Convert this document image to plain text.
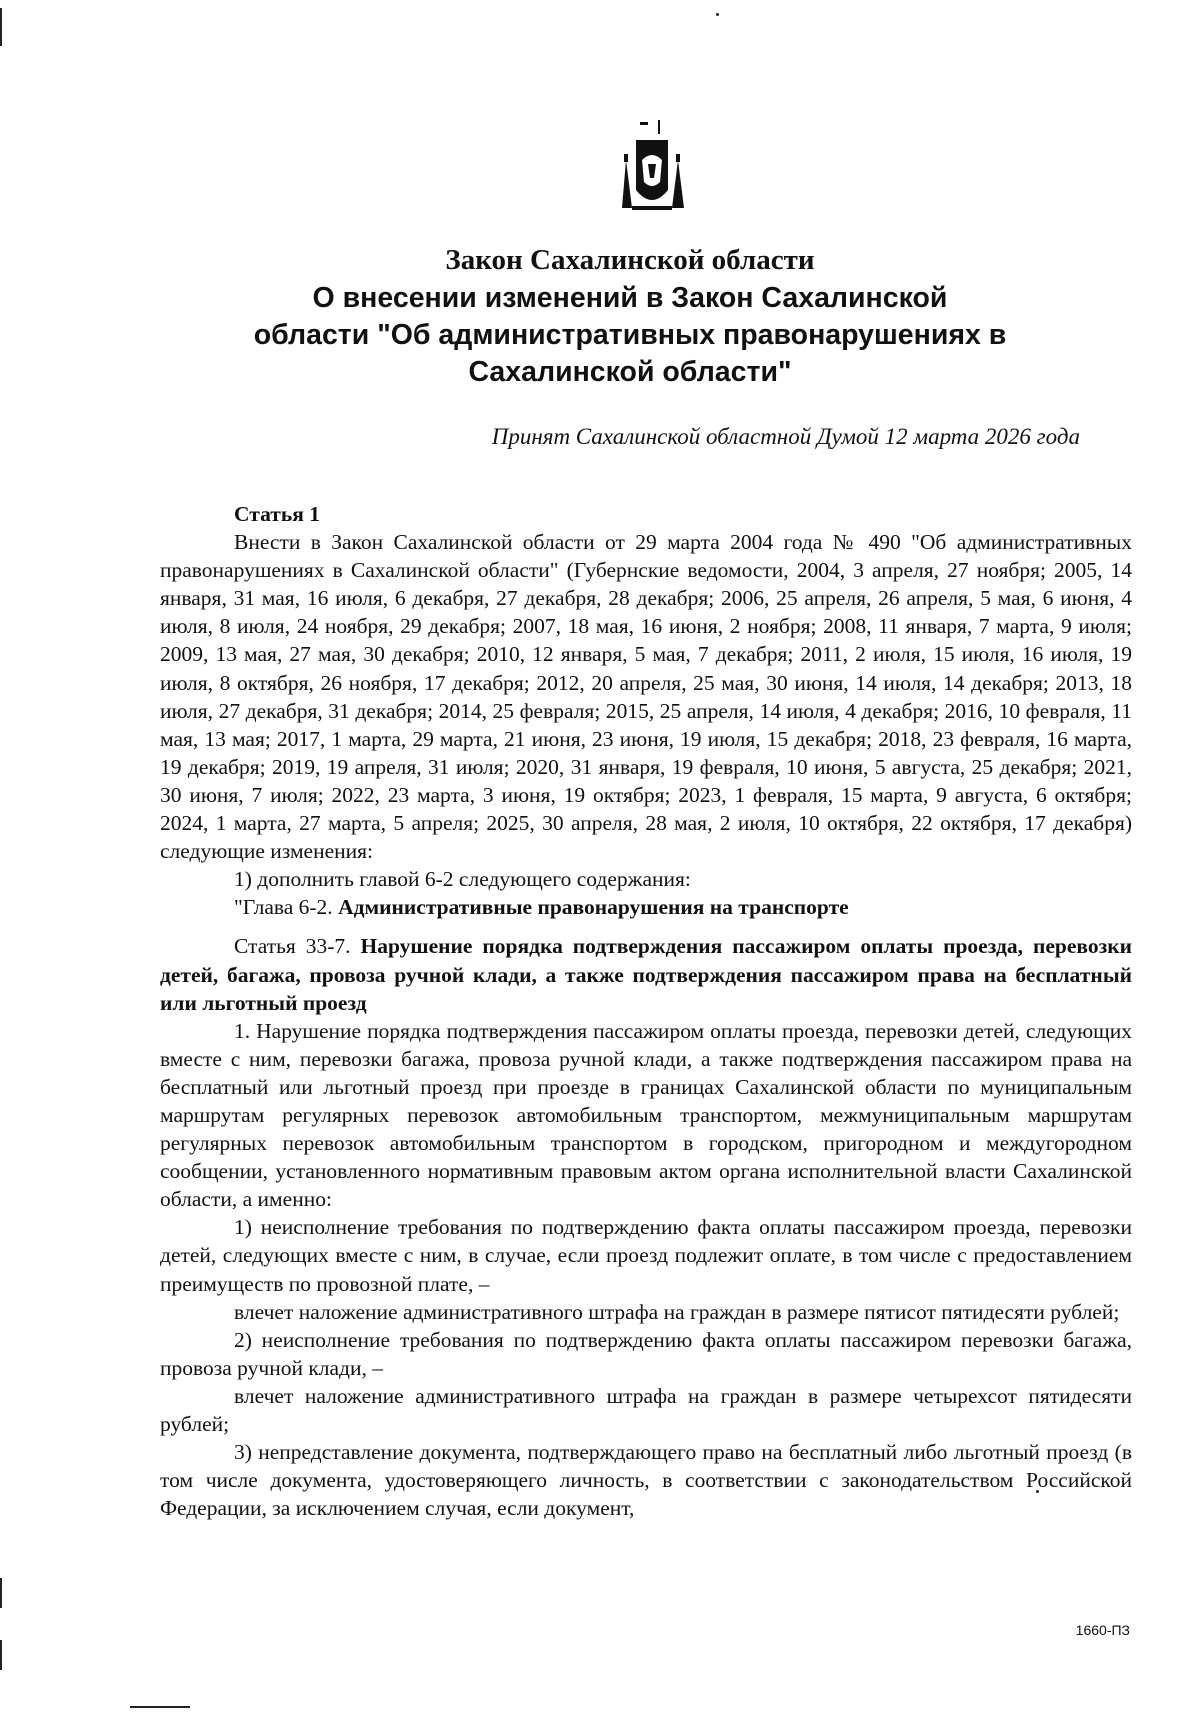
Закон Сахалинской области

О внесении изменений в Закон Сахалинской

области "Об административных правонарушениях в

Сахалинской области"

Принят Сахалинской областной Думой 12 марта 2026 года

Статья 1

Внести в Закон Сахалинской области от 29 марта 2004 года № 490 "Об административных правонарушениях в Сахалинской области" (Губернские ведомости, 2004, 3 апреля, 27 ноября; 2005, 14 января, 31 мая, 16 июля, 6 декабря, 27 декабря, 28 декабря; 2006, 25 апреля, 26 апреля, 5 мая, 6 июня, 4 июля, 8 июля, 24 ноября, 29 декабря; 2007, 18 мая, 16 июня, 2 ноября; 2008, 11 января, 7 марта, 9 июля; 2009, 13 мая, 27 мая, 30 декабря; 2010, 12 января, 5 мая, 7 декабря; 2011, 2 июля, 15 июля, 16 июля, 19 июля, 8 октября, 26 ноября, 17 декабря; 2012, 20 апреля, 25 мая, 30 июня, 14 июля, 14 декабря; 2013, 18 июля, 27 декабря, 31 декабря; 2014, 25 февраля; 2015, 25 апреля, 14 июля, 4 декабря; 2016, 10 февраля, 11 мая, 13 мая; 2017, 1 марта, 29 марта, 21 июня, 23 июня, 19 июля, 15 декабря; 2018, 23 февраля, 16 марта, 19 декабря; 2019, 19 апреля, 31 июля; 2020, 31 января, 19 февраля, 10 июня, 5 августа, 25 декабря; 2021, 30 июня, 7 июля; 2022, 23 марта, 3 июня, 19 октября; 2023, 1 февраля, 15 марта, 9 августа, 6 октября; 2024, 1 марта, 27 марта, 5 апреля; 2025, 30 апреля, 28 мая, 2 июля, 10 октября, 22 октября, 17 декабря) следующие изменения:

1) дополнить главой 6-2 следующего содержания:

"Глава 6-2. Административные правонарушения на транспорте

Статья 33-7. Нарушение порядка подтверждения пассажиром оплаты проезда, перевозки детей, багажа, провоза ручной клади, а также подтверждения пассажиром права на бесплатный или льготный проезд

1. Нарушение порядка подтверждения пассажиром оплаты проезда, перевозки детей, следующих вместе с ним, перевозки багажа, провоза ручной клади, а также подтверждения пассажиром права на бесплатный или льготный проезд при проезде в границах Сахалинской области по муниципальным маршрутам регулярных перевозок автомобильным транспортом, межмуниципальным маршрутам регулярных перевозок автомобильным транспортом в городском, пригородном и междугородном сообщении, установленного нормативным правовым актом органа исполнительной власти Сахалинской области, а именно:

1) неисполнение требования по подтверждению факта оплаты пассажиром проезда, перевозки детей, следующих вместе с ним, в случае, если проезд подлежит оплате, в том числе с предоставлением преимуществ по провозной плате, –

влечет наложение административного штрафа на граждан в размере пятисот пятидесяти рублей;

2) неисполнение требования по подтверждению факта оплаты пассажиром перевозки багажа, провоза ручной клади, –

влечет наложение административного штрафа на граждан в размере четырехсот пятидесяти рублей;

3) непредставление документа, подтверждающего право на бесплатный либо льготный проезд (в том числе документа, удостоверяющего личность, в соответствии с законодательством Российской Федерации, за исключением случая, если документ,

1660-ПЗ
